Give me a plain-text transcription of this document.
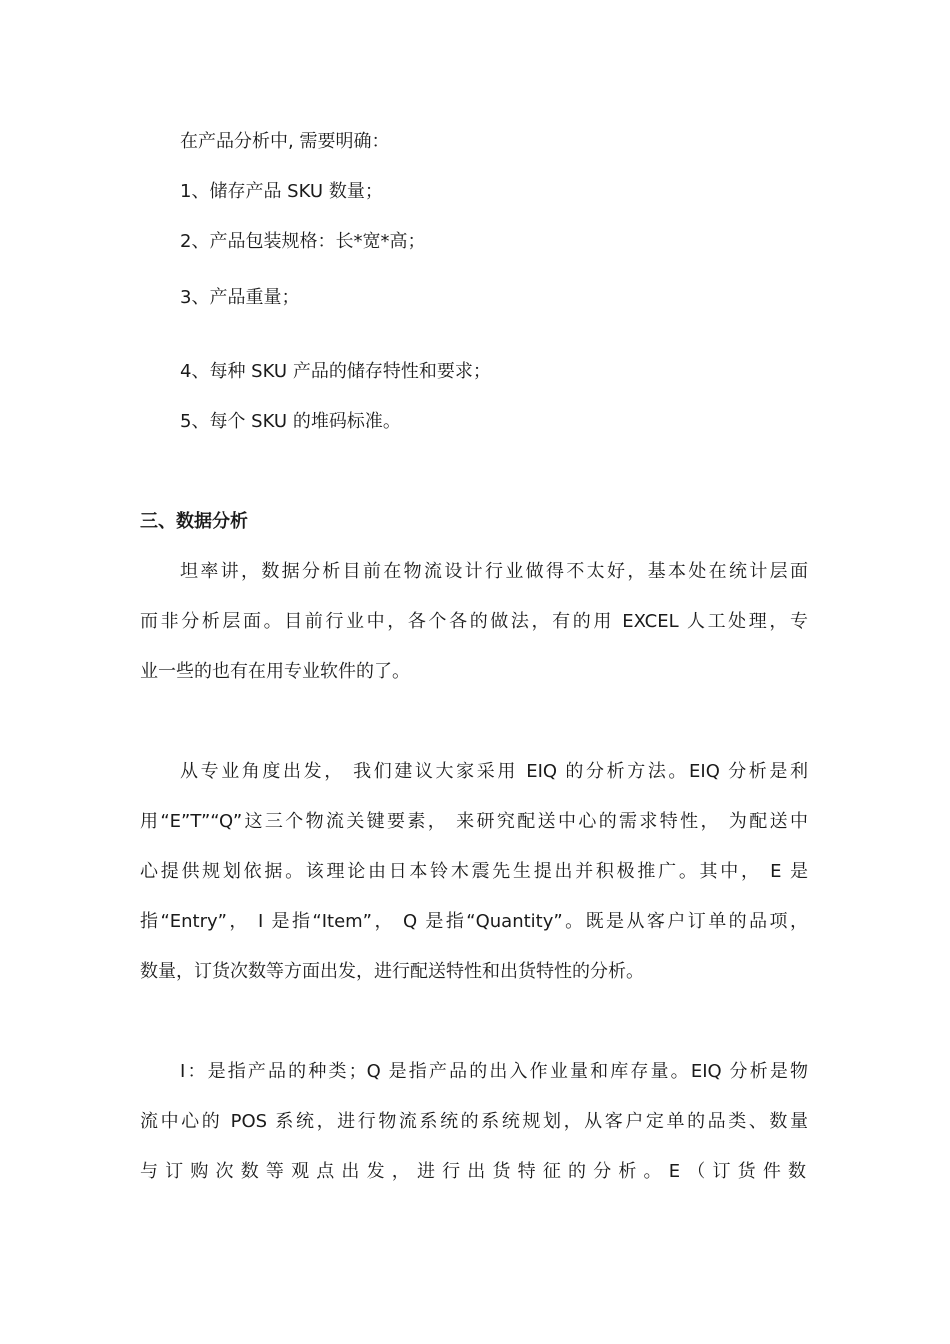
在产品分析中, 需要明确：
1、储存产品 SKU 数量；
2、产品包装规格：长*宽*高；
3、产品重量；
4、每种 SKU 产品的储存特性和要求；
5、每个 SKU 的堆码标准。
三、数据分析
坦率讲，数据分析目前在物流设计行业做得不太好，基本处在统计层面
而非分析层面。目前行业中，各个各的做法，有的用 EXCEL 人工处理，专
业一些的也有在用专业软件的了。
从专业角度出发， 我们建议大家采用 EIQ 的分析方法。EIQ 分析是利
用“E”T”“Q”这三个物流关键要素， 来研究配送中心的需求特性， 为配送中
心提供规划依据。该理论由日本铃木震先生提出并积极推广。其中， E 是
指“Entry”， I 是指“Item”， Q 是指“Quantity”。既是从客户订单的品项，
数量，订货次数等方面出发，进行配送特性和出货特性的分析。
I：是指产品的种类；Q 是指产品的出入作业量和库存量。EIQ 分析是物
流中心的 POS 系统，进行物流系统的系统规划，从客户定单的品类、数量
与订购次数等观点出发，进行出货特征的分析。E（订货件数
